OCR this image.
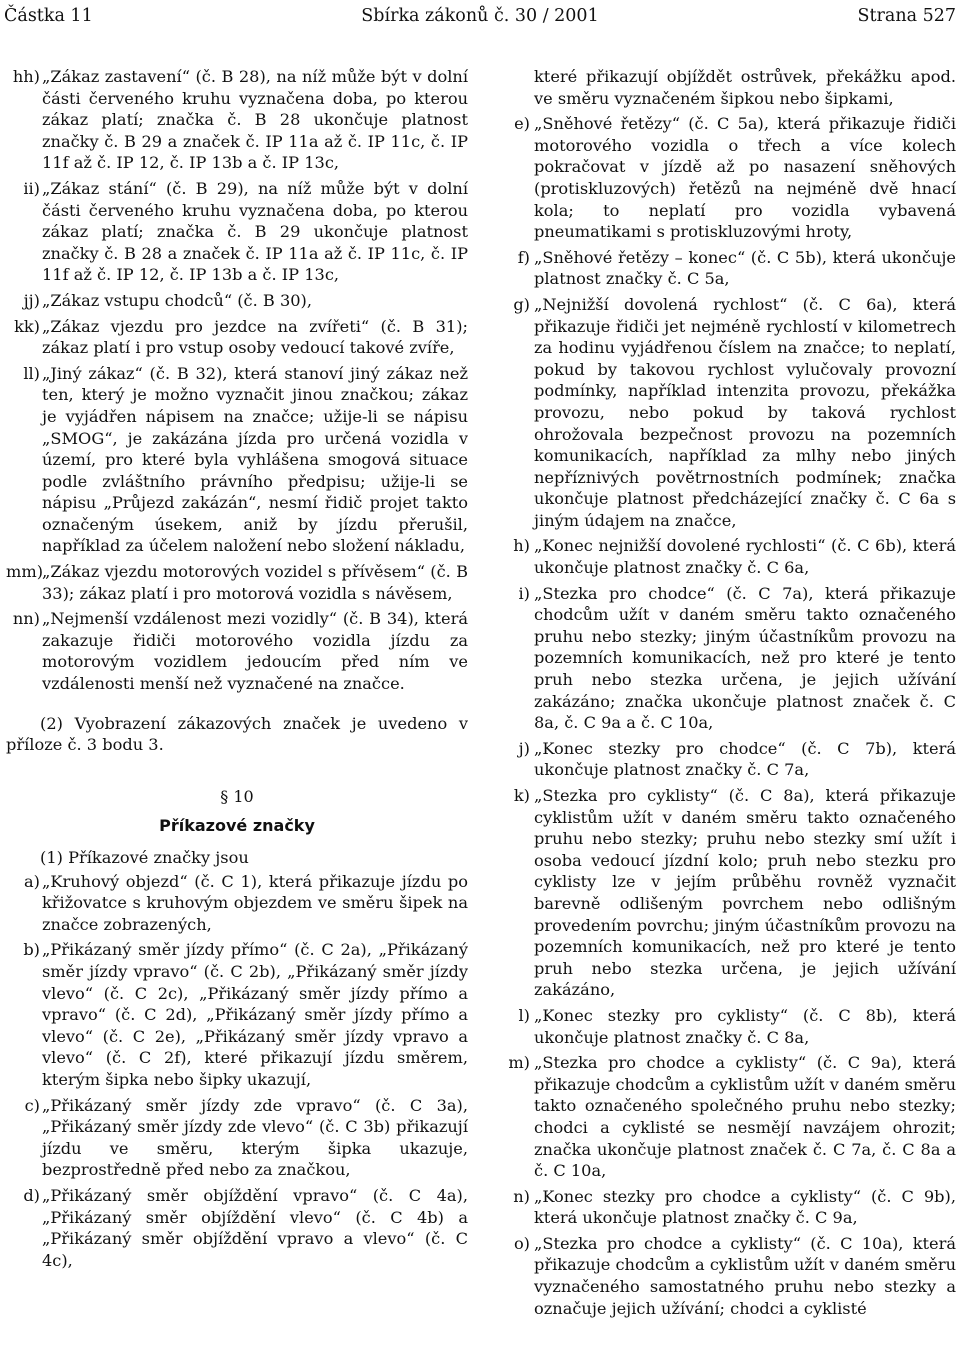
Částka 11	Sbírka zákonů č. 30 / 2001	Strana 527
hh) „Zákaz zastavení“ (č. B 28), na níž může být v dolní části červeného kruhu vyznačena doba, po kterou zákaz platí; značka č. B 28 ukončuje platnost značky č. B 29 a značek č. IP 11a až č. IP 11c, č. IP 11f až č. IP 12, č. IP 13b a č. IP 13c,
ii) „Zákaz stání“ (č. B 29), na níž může být v dolní části červeného kruhu vyznačena doba, po kterou zákaz platí; značka č. B 29 ukončuje platnost značky č. B 28 a značek č. IP 11a až č. IP 11c, č. IP 11f až č. IP 12, č. IP 13b a č. IP 13c,
jj) „Zákaz vstupu chodců“ (č. B 30),
kk) „Zákaz vjezdu pro jezdce na zvířeti“ (č. B 31); zákaz platí i pro vstup osoby vedoucí takové zvíře,
ll) „Jiný zákaz“ (č. B 32), která stanoví jiný zákaz než ten, který je možno vyznačit jinou značkou; zákaz je vyjádřen nápisem na značce; užije-li se nápisu „SMOG“, je zakázána jízda pro určená vozidla v území, pro které byla vyhlášena smogová situace podle zvláštního právního předpisu; užije-li se nápisu „Průjezd zakázán“, nesmí řidič projet takto označeným úsekem, aniž by jízdu přerušil, například za účelem naložení nebo složení nákladu,
mm)
„Zákaz vjezdu motorových vozidel s přívěsem“ (č. B 33); zákaz platí i pro motorová vozidla s návěsem,
nn) „Nejmenší vzdálenost mezi vozidly“ (č. B 34), která zakazuje řidiči motorového vozidla jízdu za motorovým vozidlem jedoucím před ním ve vzdálenosti menší než vyznačené na značce.

(2) Vyobrazení zákazových značek je uvedeno v příloze č. 3 bodu 3.

§ 10
Příkazové značky
(1) Příkazové značky jsou
a) „Kruhový objezd“ (č. C 1), která přikazuje jízdu po křižovatce s kruhovým objezdem ve směru šipek na značce zobrazených,
b) „Přikázaný směr jízdy přímo“ (č. C 2a), „Přikázaný směr jízdy vpravo“ (č. C 2b), „Přikázaný směr jízdy vlevo“ (č. C 2c), „Přikázaný směr jízdy přímo a vpravo“ (č. C 2d), „Přikázaný směr jízdy přímo a vlevo“ (č. C 2e), „Přikázaný směr jízdy vpravo a vlevo“ (č. C 2f), které přikazují jízdu směrem, kterým šipka nebo šipky ukazují,
c) „Přikázaný směr jízdy zde vpravo“ (č. C 3a), „Přikázaný směr jízdy zde vlevo“ (č. C 3b) přikazují jízdu ve směru, kterým šipka ukazuje, bezprostředně před nebo za značkou,
d) „Přikázaný směr objíždění vpravo“ (č. C 4a), „Přikázaný směr objíždění vlevo“ (č. C 4b) a „Přikázaný směr objíždění vpravo a vlevo“ (č. C 4c),
které přikazují objíždět ostrůvek, překážku apod. ve směru vyznačeném šipkou nebo šipkami,
e) „Sněhové řetězy“ (č. C 5a), která přikazuje řidiči motorového vozidla o třech a více kolech pokračovat v jízdě až po nasazení sněhových (protiskluzových) řetězů na nejméně dvě hnací kola; to neplatí pro vozidla vybavená pneumatikami s protiskluzovými hroty,
f) „Sněhové řetězy – konec“ (č. C 5b), která ukončuje platnost značky č. C 5a,
g) „Nejnižší dovolená rychlost“ (č. C 6a), která přikazuje řidiči jet nejméně rychlostí v kilometrech za hodinu vyjádřenou číslem na značce; to neplatí, pokud by takovou rychlost vylučovaly provozní podmínky, například intenzita provozu, překážka provozu, nebo pokud by taková rychlost ohrožovala bezpečnost provozu na pozemních komunikacích, například za mlhy nebo jiných nepříznivých povětrnostních podmínek; značka ukončuje platnost předcházející značky č. C 6a s jiným údajem na značce,
h) „Konec nejnižší dovolené rychlosti“ (č. C 6b), která ukončuje platnost značky č. C 6a,
i) „Stezka pro chodce“ (č. C 7a), která přikazuje chodcům užít v daném směru takto označeného pruhu nebo stezky; jiným účastníkům provozu na pozemních komunikacích, než pro které je tento pruh nebo stezka určena, je jejich užívání zakázáno; značka ukončuje platnost značek č. C 8a, č. C 9a a č. C 10a,
j) „Konec stezky pro chodce“ (č. C 7b), která ukončuje platnost značky č. C 7a,
k) „Stezka pro cyklisty“ (č. C 8a), která přikazuje cyklistům užít v daném směru takto označeného pruhu nebo stezky; pruhu nebo stezky smí užít i osoba vedoucí jízdní kolo; pruh nebo stezku pro cyklisty lze v jejím průběhu rovněž vyznačit barevně odlišeným povrchem nebo odlišným provedením povrchu; jiným účastníkům provozu na pozemních komunikacích, než pro které je tento pruh nebo stezka určena, je jejich užívání zakázáno,
l) „Konec stezky pro cyklisty“ (č. C 8b), která ukončuje platnost značky č. C 8a,
m) „Stezka pro chodce a cyklisty“ (č. C 9a), která přikazuje chodcům a cyklistům užít v daném směru takto označeného společného pruhu nebo stezky; chodci a cyklisté se nesmějí navzájem ohrozit; značka ukončuje platnost značek č. C 7a, č. C 8a a č. C 10a,
n) „Konec stezky pro chodce a cyklisty“ (č. C 9b), která ukončuje platnost značky č. C 9a,
o) „Stezka pro chodce a cyklisty“ (č. C 10a), která přikazuje chodcům a cyklistům užít v daném směru vyznačeného samostatného pruhu nebo stezky a označuje jejich užívání; chodci a cyklisté
